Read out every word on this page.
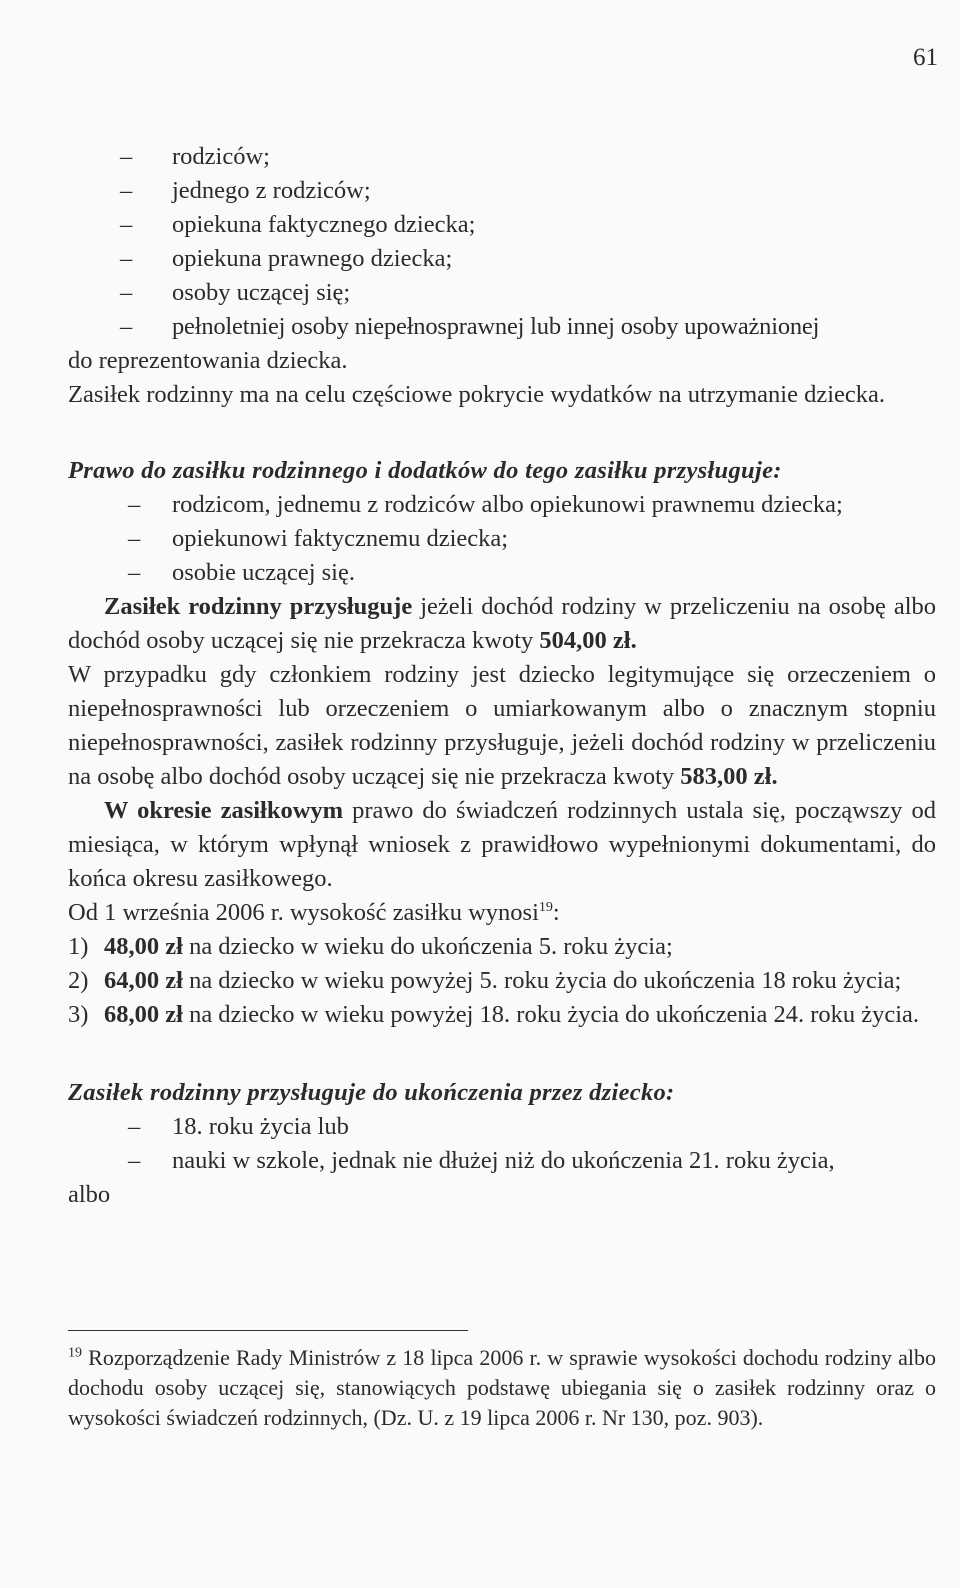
61
– rodziców;
– jednego z rodziców;
– opiekuna faktycznego dziecka;
– opiekuna prawnego dziecka;
– osoby uczącej się;
– pełnoletniej osoby niepełnosprawnej lub innej osoby upoważnionej
do reprezentowania dziecka.
Zasiłek rodzinny ma na celu częściowe pokrycie wydatków na utrzymanie dziecka.
Prawo do zasiłku rodzinnego i dodatków do tego zasiłku przysługuje:
– rodzicom, jednemu z rodziców albo opiekunowi prawnemu dziecka;
– opiekunowi faktycznemu dziecka;
– osobie uczącej się.
Zasiłek rodzinny przysługuje jeżeli dochód rodziny w przeliczeniu na osobę albo dochód osoby uczącej się nie przekracza kwoty 504,00 zł.
W przypadku gdy członkiem rodziny jest dziecko legitymujące się orzeczeniem o niepełnosprawności lub orzeczeniem o umiarkowanym albo o znacznym stopniu niepełnosprawności, zasiłek rodzinny przysługuje, jeżeli dochód rodziny w przeliczeniu na osobę albo dochód osoby uczącej się nie przekracza kwoty 583,00 zł.
W okresie zasiłkowym prawo do świadczeń rodzinnych ustala się, począwszy od miesiąca, w którym wpłynął wniosek z prawidłowo wypełnionymi dokumentami, do końca okresu zasiłkowego.
Od 1 września 2006 r. wysokość zasiłku wynosi$^{19}$:
1) 48,00 zł na dziecko w wieku do ukończenia 5. roku życia;
2) 64,00 zł na dziecko w wieku powyżej 5. roku życia do ukończenia 18 roku życia;
3) 68,00 zł na dziecko w wieku powyżej 18. roku życia do ukończenia 24. roku życia.
Zasiłek rodzinny przysługuje do ukończenia przez dziecko:
– 18. roku życia lub
– nauki w szkole, jednak nie dłużej niż do ukończenia 21. roku życia,
albo
$^{19}$ Rozporządzenie Rady Ministrów z 18 lipca 2006 r. w sprawie wysokości dochodu rodziny albo dochodu osoby uczącej się, stanowiących podstawę ubiegania się o zasiłek rodzinny oraz o wysokości świadczeń rodzinnych, (Dz. U. z 19 lipca 2006 r. Nr 130, poz. 903).
